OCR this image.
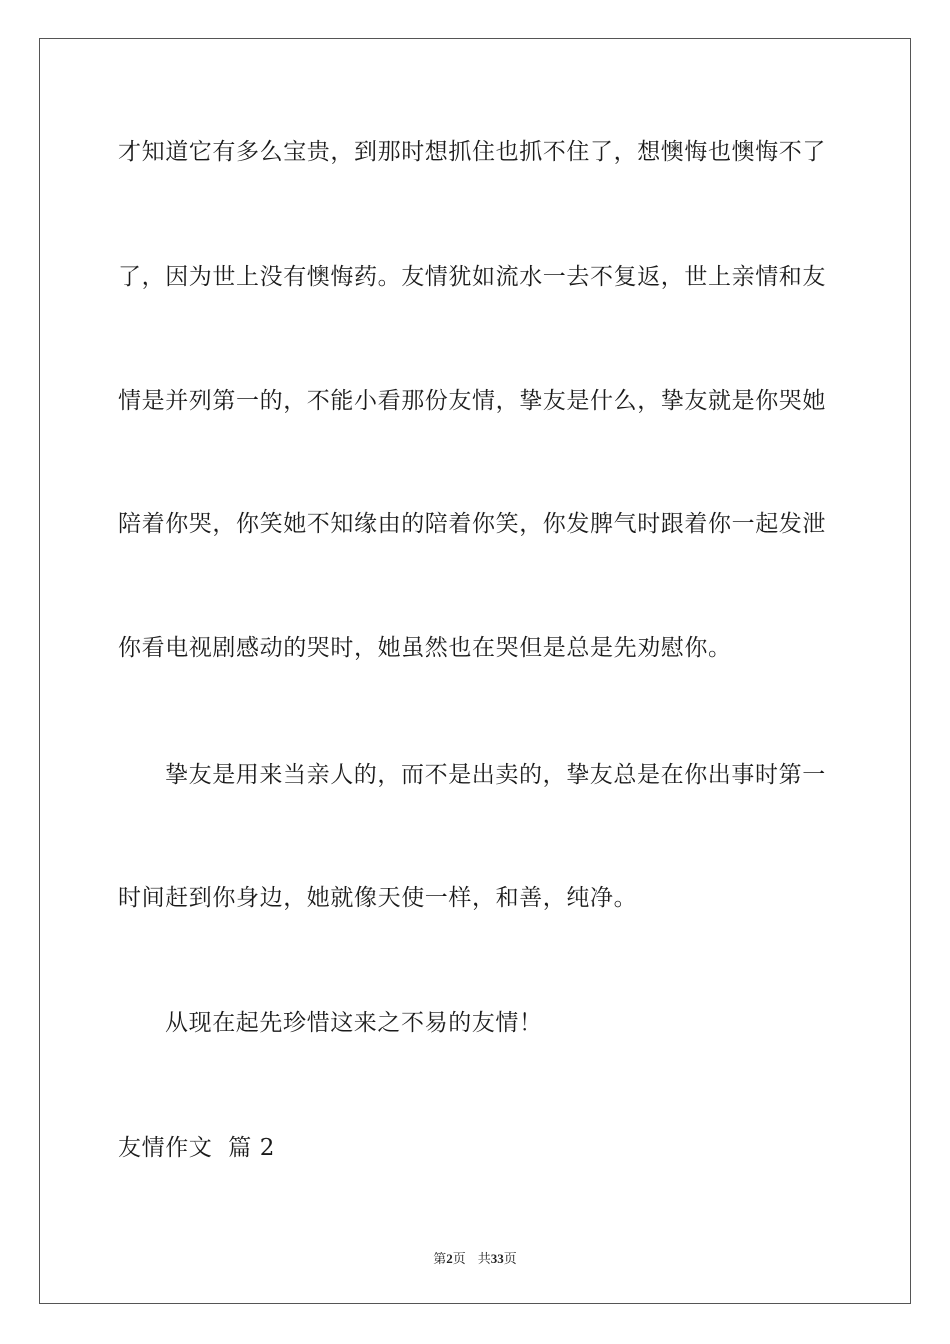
才知道它有多么宝贵，到那时想抓住也抓不住了，想懊悔也懊悔不了
了，因为世上没有懊悔药。友情犹如流水一去不复返，世上亲情和友
情是并列第一的，不能小看那份友情，挚友是什么，挚友就是你哭她
陪着你哭，你笑她不知缘由的陪着你笑，你发脾气时跟着你一起发泄
你看电视剧感动的哭时，她虽然也在哭但是总是先劝慰你。
挚友是用来当亲人的，而不是出卖的，挚友总是在你出事时第一
时间赶到你身边，她就像天使一样，和善，纯净。
从现在起先珍惜这来之不易的友情！
友情作文  篇 2
第2页 共33页
